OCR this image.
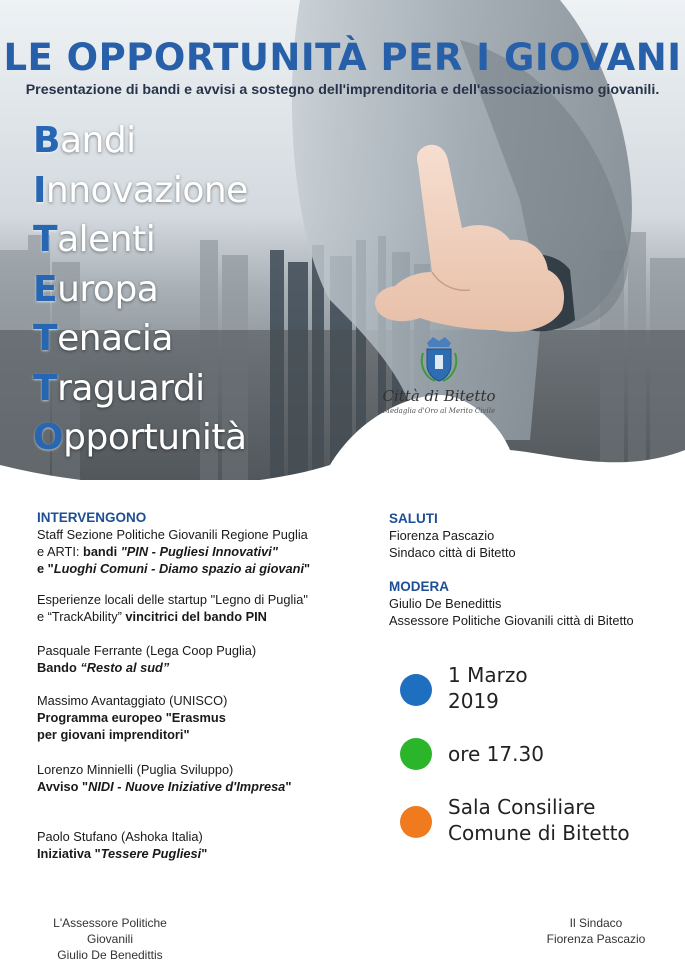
LE OPPORTUNITÀ PER I GIOVANI

Presentazione di bandi e avvisi a sostegno dell'imprenditoria e dell'associazionismo giovanili.

Bandi
Innovazione
Talenti
Europa
Tenacia
Traguardi
Opportunità
Città di Bitetto
Medaglia d'Oro al Merito Civile

INTERVENGONO

Staff Sezione Politiche Giovanili Regione Puglia

e ARTI: bandi "PIN - Pugliesi Innovativi"

e "Luoghi Comuni - Diamo spazio ai giovani"

Esperienze locali delle startup "Legno di Puglia"

e “TrackAbility” vincitrici del bando PIN

Pasquale Ferrante (Lega Coop Puglia)

Bando “Resto al sud”

Massimo Avantaggiato (UNISCO)

Programma europeo "Erasmus

per giovani imprenditori"

Lorenzo Minnielli (Puglia Sviluppo)

Avviso "NIDI - Nuove Iniziative d'Impresa"

Paolo Stufano (Ashoka Italia)

Iniziativa "Tessere Pugliesi"

SALUTI

Fiorenza Pascazio

Sindaco città di Bitetto

MODERA

Giulio De Benedittis

Assessore Politiche Giovanili città di Bitetto

1 Marzo
2019
ore 17.30
Sala Consiliare
Comune di Bitetto
L'Assessore Politiche Giovanili
Giulio De Benedittis
Il Sindaco
Fiorenza Pascazio
